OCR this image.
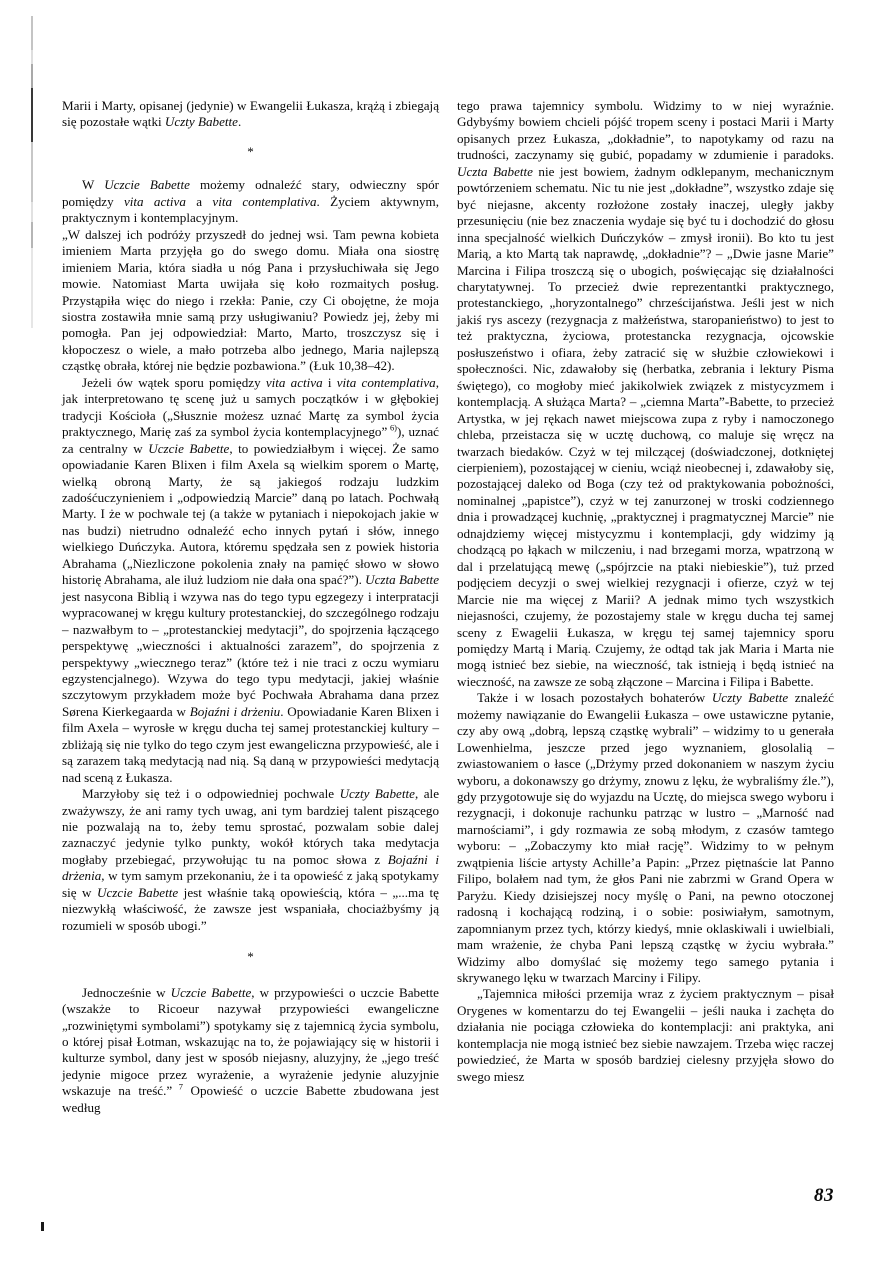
Marii i Marty, opisanej (jedynie) w Ewangelii Łukasza, krążą i zbiegają się pozostałe wątki Uczty Babette.

*

W Uczcie Babette możemy odnaleźć stary, odwieczny spór pomiędzy vita activa a vita contemplativa. Życiem aktywnym, praktycznym i kontemplacyjnym.

„W dalszej ich podróży przyszedł do jednej wsi. Tam pewna kobieta imieniem Marta przyjęła go do swego domu. Miała ona siostrę imieniem Maria, która siadła u nóg Pana i przysłuchiwała się Jego mowie. Natomiast Marta uwijała się koło rozmaitych posług. Przystąpiła więc do niego i rzekła: Panie, czy Ci obojętne, że moja siostra zostawiła mnie samą przy usługiwaniu? Powiedz jej, żeby mi pomogła. Pan jej odpowiedział: Marto, Marto, troszczysz się i kłopoczesz o wiele, a mało potrzeba albo jednego, Maria najlepszą cząstkę obrała, której nie będzie pozbawiona.” (Łuk 10,38–42).

Jeżeli ów wątek sporu pomiędzy vita activa i vita contemplativa, jak interpretowano tę scenę już u samych początków i w głębokiej tradycji Kościoła („Słusznie możesz uznać Martę za symbol życia praktycznego, Marię zaś za symbol życia kontemplacyjnego” $^{6)}$), uznać za centralny w Uczcie Babette, to powiedziałbym i więcej. Że samo opowiadanie Karen Blixen i film Axela są wielkim sporem o Martę, wielką obroną Marty, że są jakiegoś rodzaju ludzkim zadośćuczynieniem i „odpowiedzią Marcie” daną po latach. Pochwałą Marty. I że w pochwale tej (a także w pytaniach i niepokojach jakie w nas budzi) nietrudno odnaleźć echo innych pytań i słów, innego wielkiego Duńczyka. Autora, któremu spędzała sen z powiek historia Abrahama („Niezliczone pokolenia znały na pamięć słowo w słowo historię Abrahama, ale iluż ludziom nie dała ona spać?”). Uczta Babette jest nasycona Biblią i wzywa nas do tego typu egzegezy i interpratacji wypracowanej w kręgu kultury protestanckiej, do szczególnego rodzaju – nazwałbym to – „protestanckiej medytacji”, do spojrzenia łączącego perspektywę „wieczności i aktualności zarazem”, do spojrzenia z perspektywy „wiecznego teraz” (które też i nie traci z oczu wymiaru egzystencjalnego). Wzywa do tego typu medytacji, jakiej właśnie szczytowym przykładem może być Pochwała Abrahama dana przez Sørena Kierkegaarda w Bojaźni i drżeniu. Opowiadanie Karen Blixen i film Axela – wyrosłe w kręgu ducha tej samej protestanckiej kultury – zbliżają się nie tylko do tego czym jest ewangeliczna przypowieść, ale i są zarazem taką medytacją nad nią. Są daną w przypowieści medytacją nad sceną z Łukasza.

Marzyłoby się też i o odpowiedniej pochwale Uczty Babette, ale zważywszy, że ani ramy tych uwag, ani tym bardziej talent piszącego nie pozwalają na to, żeby temu sprostać, pozwalam sobie dalej zaznaczyć jedynie tylko punkty, wokół których taka medytacja mogłaby przebiegać, przywołując tu na pomoc słowa z Bojaźni i drżenia, w tym samym przekonaniu, że i ta opowieść z jaką spotykamy się w Uczcie Babette jest właśnie taką opowieścią, która – „...ma tę niezwykłą właściwość, że zawsze jest wspaniała, chociażbyśmy ją rozumieli w sposób ubogi.”

*

Jednocześnie w Uczcie Babette, w przypowieści o uczcie Babette (wszakże to Ricoeur nazywał przypowieści ewangeliczne „rozwiniętymi symbolami”) spotykamy się z tajemnicą życia symbolu, o której pisał Łotman, wskazując na to, że pojawiający się w historii i kulturze symbol, dany jest w sposób niejasny, aluzyjny, że „jego treść jedynie migoce przez wyrażenie, a wyrażenie jedynie aluzyjnie wskazuje na treść.” $^7$ Opowieść o uczcie Babette zbudowana jest według

tego prawa tajemnicy symbolu. Widzimy to w niej wyraźnie. Gdybyśmy bowiem chcieli pójść tropem sceny i postaci Marii i Marty opisanych przez Łukasza, „dokładnie”, to napotykamy od razu na trudności, zaczynamy się gubić, popadamy w zdumienie i paradoks. Uczta Babette nie jest bowiem, żadnym odklepanym, mechanicznym powtórzeniem schematu. Nic tu nie jest „dokładne”, wszystko zdaje się być niejasne, akcenty rozłożone zostały inaczej, uległy jakby przesunięciu (nie bez znaczenia wydaje się być tu i dochodzić do głosu inna specjalność wielkich Duńczyków – zmysł ironii). Bo kto tu jest Marią, a kto Martą tak naprawdę, „dokładnie”? – „Dwie jasne Marie” Marcina i Filipa troszczą się o ubogich, poświęcając się działalności charytatywnej. To przecież dwie reprezentantki praktycznego, protestanckiego, „horyzontalnego” chrześcijaństwa. Jeśli jest w nich jakiś rys ascezy (rezygnacja z małżeństwa, staropanieństwo) to jest to też praktyczna, życiowa, protestancka rezygnacja, ojcowskie posłuszeństwo i ofiara, żeby zatracić się w służbie człowiekowi i społeczności. Nic, zdawałoby się (herbatka, zebrania i lektury Pisma świętego), co mogłoby mieć jakikolwiek związek z mistycyzmem i kontemplacją. A służąca Marta? – „ciemna Marta”-Babette, to przecież Artystka, w jej rękach nawet miejscowa zupa z ryby i namoczonego chleba, przeistacza się w ucztę duchową, co maluje się wręcz na twarzach biedaków. Czyż w tej milczącej (doświadczonej, dotkniętej cierpieniem), pozostającej w cieniu, wciąż nieobecnej i, zdawałoby się, pozostającej daleko od Boga (czy też od praktykowania pobożności, nominalnej „papistce”), czyż w tej zanurzonej w troski codziennego dnia i prowadzącej kuchnię, „praktycznej i pragmatycznej Marcie” nie odnajdziemy więcej mistycyzmu i kontemplacji, gdy widzimy ją chodzącą po łąkach w milczeniu, i nad brzegami morza, wpatrzoną w dal i przelatującą mewę („spójrzcie na ptaki niebieskie”), tuż przed podjęciem decyzji o swej wielkiej rezygnacji i ofierze, czyż w tej Marcie nie ma więcej z Marii? A jednak mimo tych wszystkich niejasności, czujemy, że pozostajemy stale w kręgu ducha tej samej sceny z Ewagelii Łukasza, w kręgu tej samej tajemnicy sporu pomiędzy Martą i Marią. Czujemy, że odtąd tak jak Maria i Marta nie mogą istnieć bez siebie, na wieczność, tak istnieją i będą istnieć na wieczność, na zawsze ze sobą złączone – Marcina i Filipa i Babette.

Także i w losach pozostałych bohaterów Uczty Babette znaleźć możemy nawiązanie do Ewangelii Łukasza – owe ustawiczne pytanie, czy aby ową „dobrą, lepszą cząstkę wybrali” – widzimy to u generała Lowenhielma, jeszcze przed jego wyznaniem, glosolalią – zwiastowaniem o łasce („Drżymy przed dokonaniem w naszym życiu wyboru, a dokonawszy go drżymy, znowu z lęku, że wybraliśmy źle.”), gdy przygotowuje się do wyjazdu na Ucztę, do miejsca swego wyboru i rezygnacji, i dokonuje rachunku patrząc w lustro – „Marność nad marnościami”, i gdy rozmawia ze sobą młodym, z czasów tamtego wyboru: – „Zobaczymy kto miał rację”. Widzimy to w pełnym zwątpienia liście artysty Achille’a Papin: „Przez piętnaście lat Panno Filipo, bolałem nad tym, że głos Pani nie zabrzmi w Grand Opera w Paryżu. Kiedy dzisiejszej nocy myślę o Pani, na pewno otoczonej radosną i kochającą rodziną, i o sobie: posiwiałym, samotnym, zapomnianym przez tych, którzy kiedyś, mnie oklaskiwali i uwielbiali, mam wrażenie, że chyba Pani lepszą cząstkę w życiu wybrała.” Widzimy albo domyślać się możemy tego samego pytania i skrywanego lęku w twarzach Marciny i Filipy.

„Tajemnica miłości przemija wraz z życiem praktycznym – pisał Orygenes w komentarzu do tej Ewangelii – jeśli nauka i zachęta do działania nie pociąga człowieka do kontemplacji: ani praktyka, ani kontemplacja nie mogą istnieć bez siebie nawzajem. Trzeba więc raczej powiedzieć, że Marta w sposób bardziej cielesny przyjęła słowo do swego miesz

83
